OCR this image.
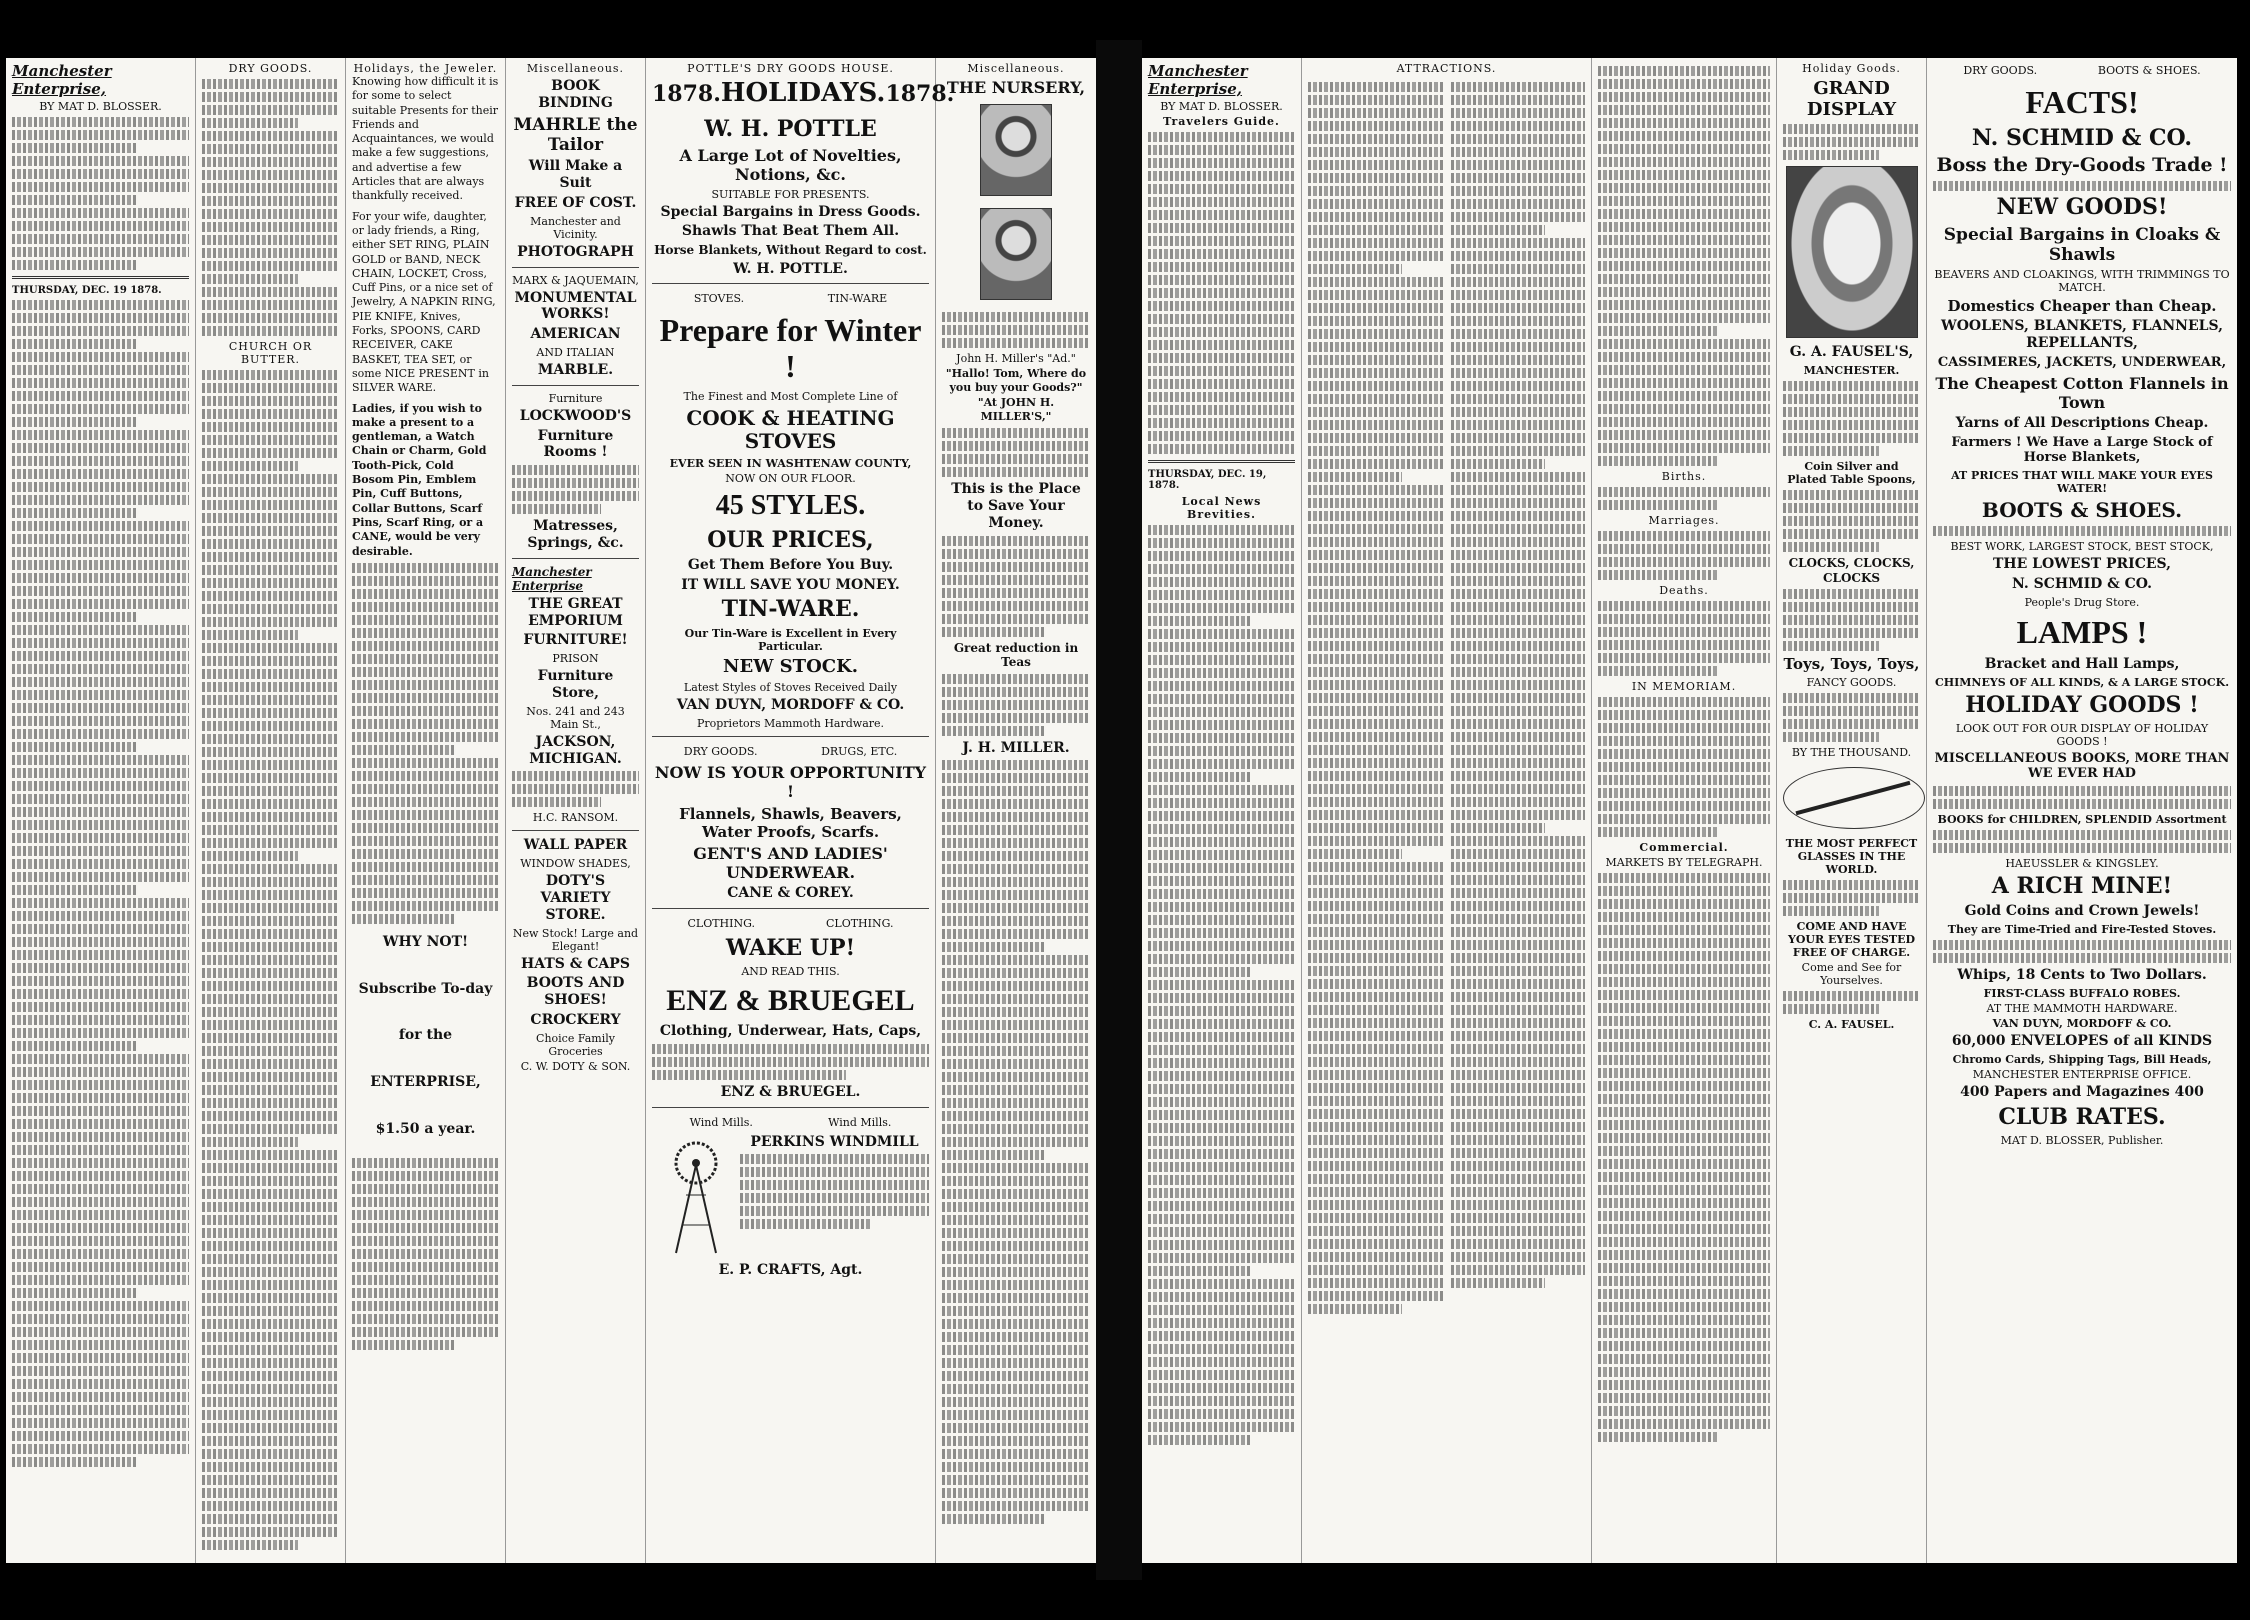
Manchester Enterprise,
BY MAT D. BLOSSER.
THURSDAY, DEC. 19 1878.
DRY GOODS.
CHURCH OR BUTTER.
Holidays, the Jeweler.
Knowing how difficult it is for some to select suitable Presents for their Friends and Acquaintances, we would make a few suggestions, and advertise a few Articles that are always thankfully received.
For your wife, daughter, or lady friends, a Ring, either SET RING, PLAIN GOLD or BAND, NECK CHAIN, LOCKET, Cross, Cuff Pins, or a nice set of Jewelry, A NAPKIN RING, PIE KNIFE, Knives, Forks, SPOONS, CARD RECEIVER, CAKE BASKET, TEA SET, or some NICE PRESENT in SILVER WARE.
Ladies, if you wish to make a present to a gentleman, a Watch Chain or Charm, Gold Tooth-Pick, Cold Bosom Pin, Emblem Pin, Cuff Buttons, Collar Buttons, Scarf Pins, Scarf Ring, or a CANE, would be very desirable.
WHY NOT!
Subscribe To-day
for the
ENTERPRISE,
$1.50 a year.
Miscellaneous.
BOOK BINDING
MAHRLE the Tailor
Will Make a Suit
FREE OF COST.
Manchester and Vicinity.
PHOTOGRAPH
MARX & JAQUEMAIN,
MONUMENTAL WORKS!
AMERICAN
AND ITALIAN
MARBLE.
Furniture
LOCKWOOD'S
Furniture Rooms !
Matresses, Springs, &c.
Manchester Enterprise
THE GREAT EMPORIUM
FURNITURE!
PRISON
Furniture Store,
Nos. 241 and 243 Main St.,
JACKSON, MICHIGAN.
H.C. RANSOM.
WALL PAPER
WINDOW SHADES,
DOTY'S VARIETY STORE.
New Stock! Large and Elegant!
HATS & CAPS
BOOTS AND SHOES!
CROCKERY
Choice Family Groceries
C. W. DOTY & SON.
POTTLE'S DRY GOODS HOUSE.
1878. HOLIDAYS. 1878.
W. H. POTTLE
A Large Lot of Novelties, Notions, &c.
SUITABLE FOR PRESENTS.
Special Bargains in Dress Goods.
Shawls That Beat Them All.
Horse Blankets, Without Regard to cost.
W. H. POTTLE.
STOVES.	TIN-WARE
Prepare for Winter !
The Finest and Most Complete Line of
COOK & HEATING STOVES
EVER SEEN IN WASHTENAW COUNTY,
NOW ON OUR FLOOR.
45 STYLES.
OUR PRICES,
Get Them Before You Buy.
IT WILL SAVE YOU MONEY.
TIN-WARE.
Our Tin-Ware is Excellent in Every Particular.
NEW STOCK.
Latest Styles of Stoves Received Daily
VAN DUYN, MORDOFF & CO.
Proprietors Mammoth Hardware.
DRY GOODS.	DRUGS, ETC.
NOW IS YOUR OPPORTUNITY !
Flannels, Shawls, Beavers, Water Proofs, Scarfs.
GENT'S AND LADIES' UNDERWEAR.
CANE & COREY.
CLOTHING.	CLOTHING.
WAKE UP!
AND READ THIS.
ENZ & BRUEGEL
Clothing, Underwear, Hats, Caps,
ENZ & BRUEGEL.
Wind Mills.	Wind Mills.
PERKINS WINDMILL
E. P. CRAFTS, Agt.
Miscellaneous.
THE NURSERY,
John H. Miller's "Ad."
"Hallo! Tom, Where do you buy your Goods?" "At JOHN H. MILLER'S,"
This is the Place to Save Your Money.
Great reduction in Teas
J. H. MILLER.
Manchester Enterprise,
BY MAT D. BLOSSER.
Travelers Guide.
THURSDAY, DEC. 19, 1878.
Local News Brevities.
ATTRACTIONS.
Births.
Marriages.
Deaths.
IN MEMORIAM.
Commercial.
MARKETS BY TELEGRAPH.
Holiday Goods.
GRAND DISPLAY
G. A. FAUSEL'S,
MANCHESTER.
Coin Silver and Plated Table Spoons,
CLOCKS, CLOCKS, CLOCKS
Toys, Toys, Toys,
FANCY GOODS.
BY THE THOUSAND.
THE MOST PERFECT GLASSES IN THE WORLD.
COME AND HAVE YOUR EYES TESTED FREE OF CHARGE.
Come and See for Yourselves.
C. A. FAUSEL.
DRY GOODS.	BOOTS & SHOES.
FACTS!
N. SCHMID & CO.
Boss the Dry-Goods Trade !
NEW GOODS!
Special Bargains in Cloaks & Shawls
BEAVERS AND CLOAKINGS, WITH TRIMMINGS TO MATCH.
Domestics Cheaper than Cheap.
WOOLENS, BLANKETS, FLANNELS, REPELLANTS,
CASSIMERES, JACKETS, UNDERWEAR,
The Cheapest Cotton Flannels in Town
Yarns of All Descriptions Cheap.
Farmers ! We Have a Large Stock of Horse Blankets,
AT PRICES THAT WILL MAKE YOUR EYES WATER!
BOOTS & SHOES.
BEST WORK, LARGEST STOCK, BEST STOCK,
THE LOWEST PRICES,
N. SCHMID & CO.
People's Drug Store.
LAMPS !
Bracket and Hall Lamps,
CHIMNEYS OF ALL KINDS, & A LARGE STOCK.
HOLIDAY GOODS !
LOOK OUT FOR OUR DISPLAY OF HOLIDAY GOODS !
MISCELLANEOUS BOOKS, MORE THAN WE EVER HAD
BOOKS for CHILDREN, SPLENDID Assortment
HAEUSSLER & KINGSLEY.
A RICH MINE!
Gold Coins and Crown Jewels!
They are Time-Tried and Fire-Tested Stoves.
Whips, 18 Cents to Two Dollars.
FIRST-CLASS BUFFALO ROBES.
AT THE MAMMOTH HARDWARE.
VAN DUYN, MORDOFF & CO.
60,000 ENVELOPES of all KINDS
Chromo Cards, Shipping Tags, Bill Heads,
MANCHESTER ENTERPRISE OFFICE.
400 Papers and Magazines 400
CLUB RATES.
MAT D. BLOSSER, Publisher.
